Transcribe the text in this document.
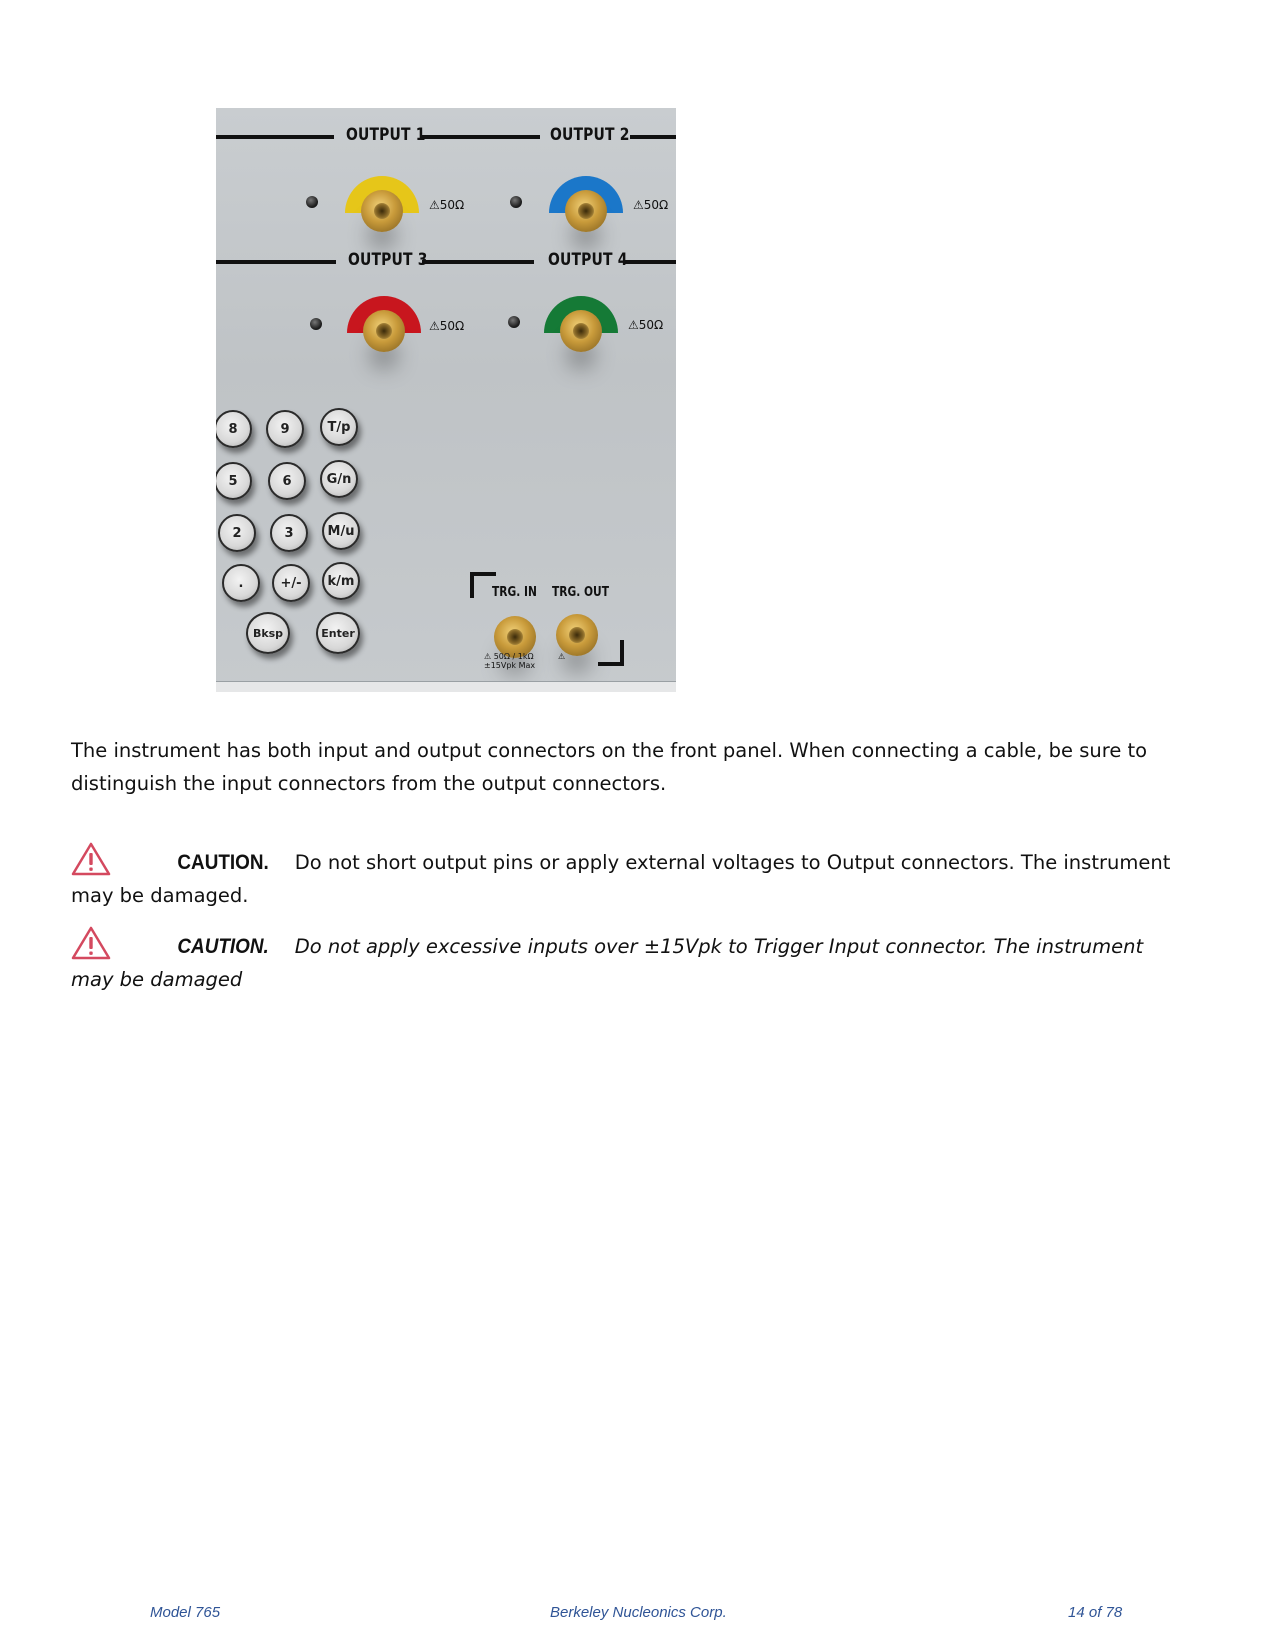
OUTPUT 1	OUTPUT 2
⚠50Ω	⚠50Ω
OUTPUT 3	OUTPUT 4
⚠50Ω	⚠50Ω
8	9	T/p
5	6	G/n
2	3	M/u
.	+/-	k/m
Bksp	Enter
TRG. IN TRG. OUT
⚠ 50Ω / 1kΩ
±15Vpk Max
⚠
The instrument has both input and output connectors on the front panel. When connecting a cable, be sure to distinguish the input connectors from the output connectors.
CAUTION. Do not short output pins or apply external voltages to Output connectors. The instrument may be damaged.
CAUTION. Do not apply excessive inputs over ±15Vpk to Trigger Input connector. The instrument may be damaged
Model 765	Berkeley Nucleonics Corp.	14 of 78
